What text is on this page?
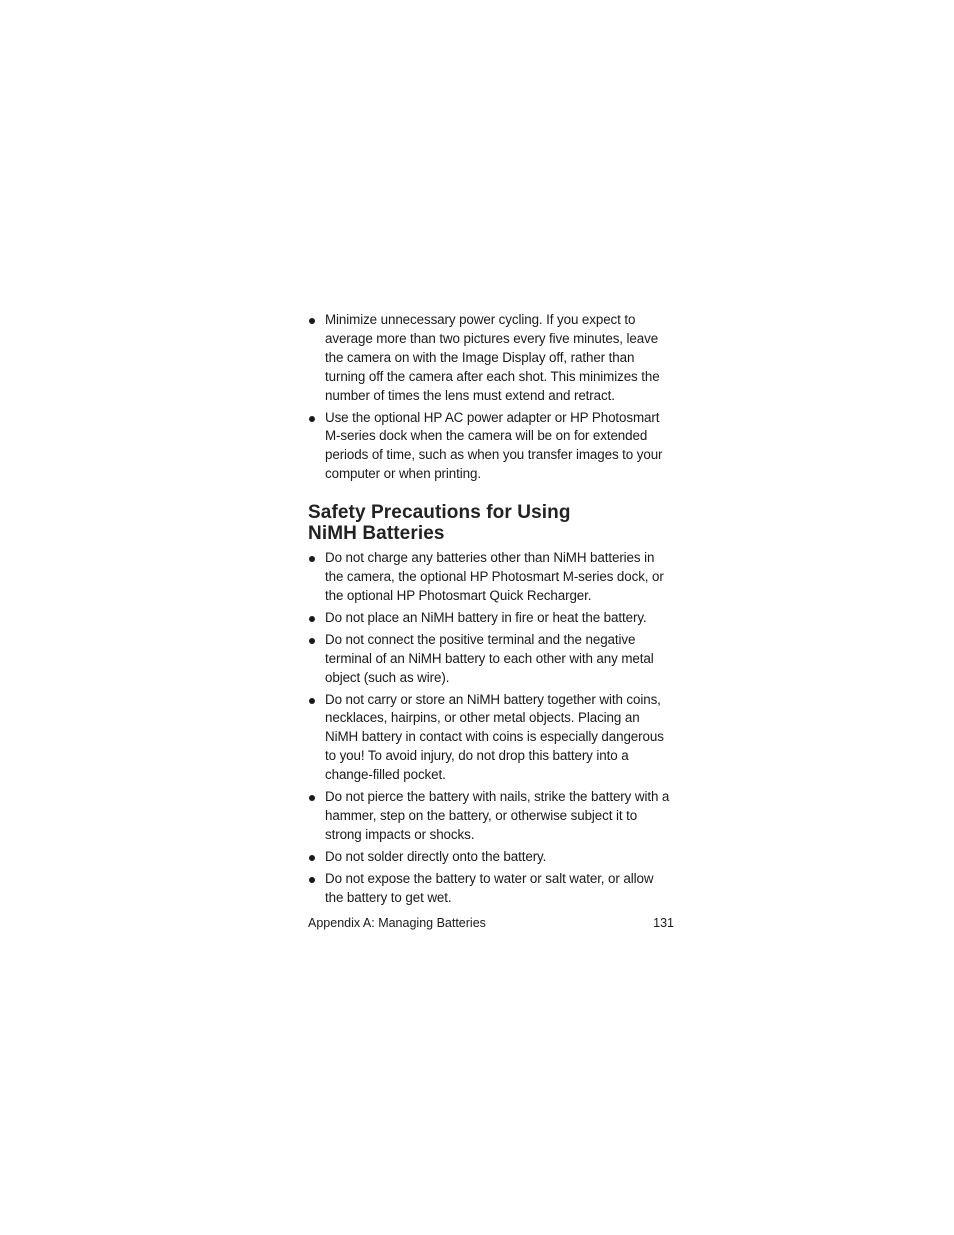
Minimize unnecessary power cycling. If you expect to average more than two pictures every five minutes, leave the camera on with the Image Display off, rather than turning off the camera after each shot. This minimizes the number of times the lens must extend and retract.
Use the optional HP AC power adapter or HP Photosmart M-series dock when the camera will be on for extended periods of time, such as when you transfer images to your computer or when printing.
Safety Precautions for Using
NiMH Batteries
Do not charge any batteries other than NiMH batteries in the camera, the optional HP Photosmart M-series dock, or the optional HP Photosmart Quick Recharger.
Do not place an NiMH battery in fire or heat the battery.
Do not connect the positive terminal and the negative terminal of an NiMH battery to each other with any metal object (such as wire).
Do not carry or store an NiMH battery together with coins, necklaces, hairpins, or other metal objects. Placing an NiMH battery in contact with coins is especially dangerous to you! To avoid injury, do not drop this battery into a change-filled pocket.
Do not pierce the battery with nails, strike the battery with a hammer, step on the battery, or otherwise subject it to strong impacts or shocks.
Do not solder directly onto the battery.
Do not expose the battery to water or salt water, or allow the battery to get wet.
Appendix A: Managing Batteries	131
